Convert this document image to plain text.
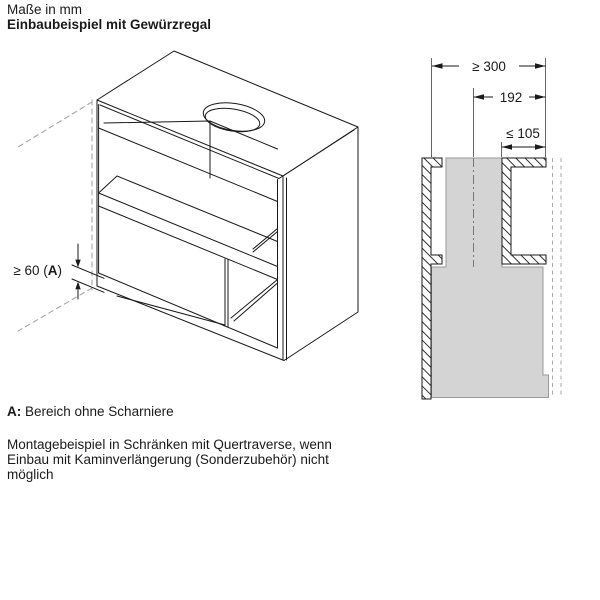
Maße in mm
Einbaubeispiel mit Gewürzregal
≥ 300
192
≤ 105
≥ 60 (A)
A: Bereich ohne Scharniere
Montagebeispiel in Schränken mit Quertraverse, wenn
Einbau mit Kaminverlängerung (Sonderzubehör) nicht
möglich
